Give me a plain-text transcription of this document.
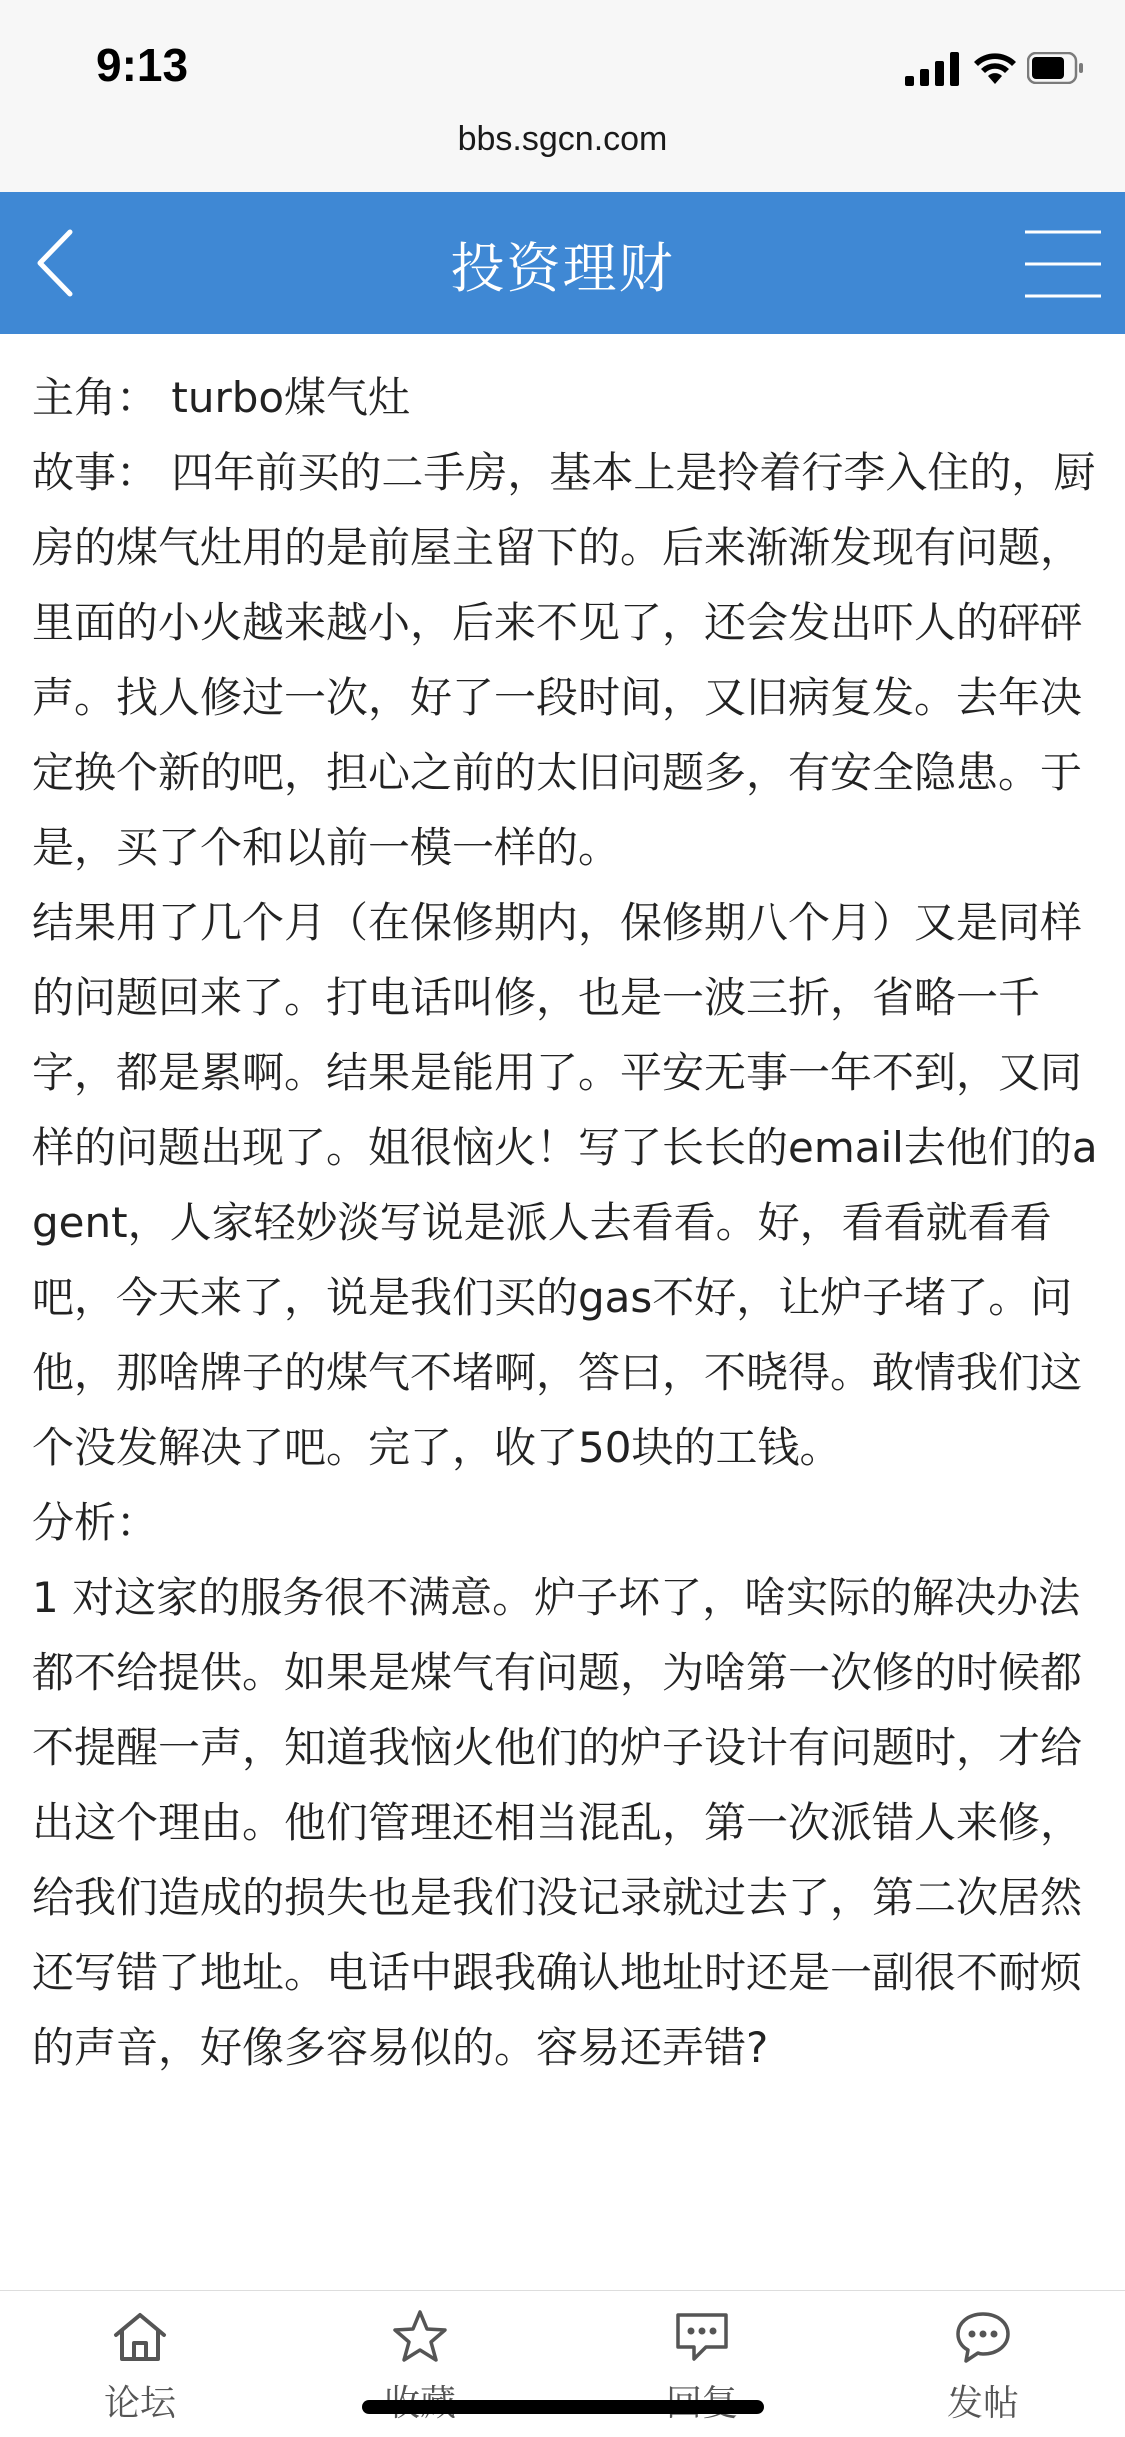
9:13
bbs.sgcn.com
投资理财

主角： turbo煤气灶

故事： 四年前买的二手房，基本上是拎着行李入住的，厨房的煤气灶用的是前屋主留下的。后来渐渐发现有问题，里面的小火越来越小，后来不见了，还会发出吓人的砰砰声。找人修过一次，好了一段时间，又旧病复发。去年决定换个新的吧，担心之前的太旧问题多，有安全隐患。于是，买了个和以前一模一样的。

结果用了几个月（在保修期内，保修期八个月）又是同样的问题回来了。打电话叫修，也是一波三折，省略一千字，都是累啊。结果是能用了。平安无事一年不到，又同样的问题出现了。姐很恼火！写了长长的email去他们的agent，人家轻妙淡写说是派人去看看。好，看看就看看吧，今天来了，说是我们买的gas不好，让炉子堵了。问他，那啥牌子的煤气不堵啊，答曰，不晓得。敢情我们这个没发解决了吧。完了，收了50块的工钱。

分析：

1 对这家的服务很不满意。炉子坏了，啥实际的解决办法都不给提供。如果是煤气有问题，为啥第一次修的时候都不提醒一声，知道我恼火他们的炉子设计有问题时，才给出这个理由。他们管理还相当混乱，第一次派错人来修，给我们造成的损失也是我们没记录就过去了，第二次居然还写错了地址。电话中跟我确认地址时还是一副很不耐烦的声音，好像多容易似的。容易还弄错?

论坛	发帖
